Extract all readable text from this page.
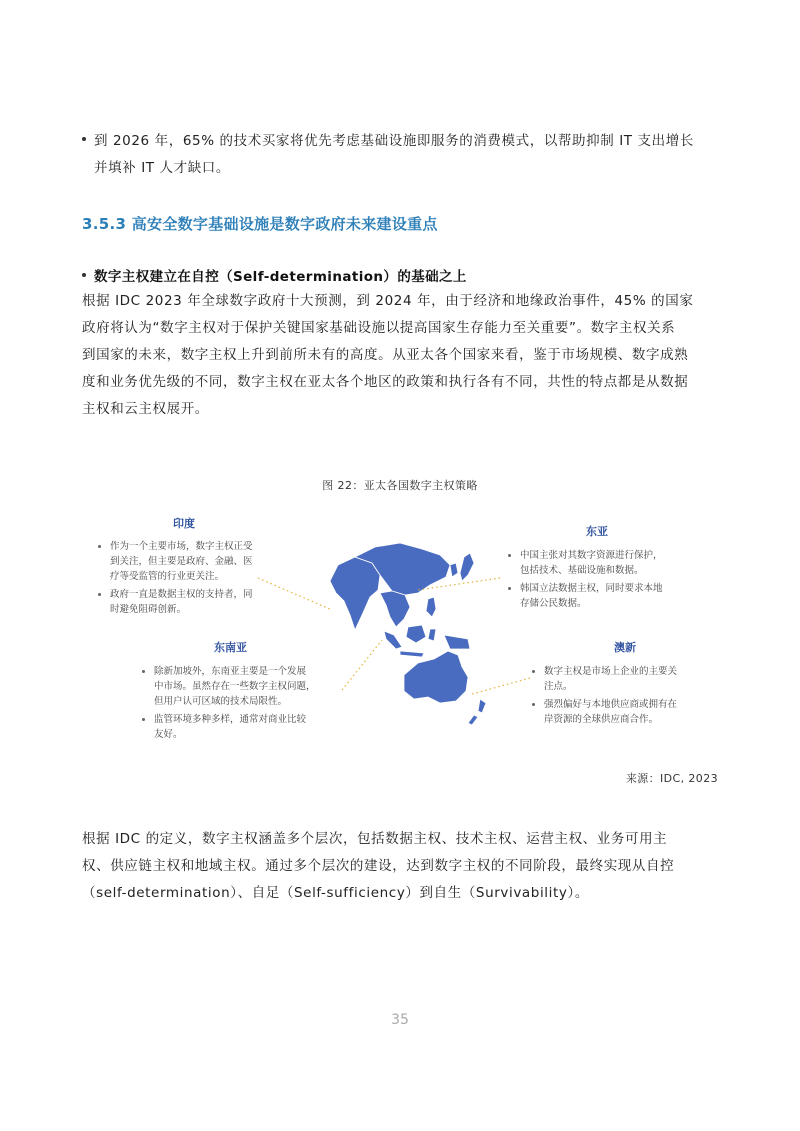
到 2026 年，65% 的技术买家将优先考虑基础设施即服务的消费模式，以帮助抑制 IT 支出增长
并填补 IT 人才缺口。
3.5.3 高安全数字基础设施是数字政府未来建设重点
数字主权建立在自控（Self-determination）的基础之上
根据 IDC 2023 年全球数字政府十大预测，到 2024 年，由于经济和地缘政治事件，45% 的国家
政府将认为“数字主权对于保护关键国家基础设施以提高国家生存能力至关重要”。数字主权关系
到国家的未来，数字主权上升到前所未有的高度。从亚太各个国家来看，鉴于市场规模、数字成熟
度和业务优先级的不同，数字主权在亚太各个地区的政策和执行各有不同，共性的特点都是从数据
主权和云主权展开。
图 22：亚太各国数字主权策略
印度
作为一个主要市场，数字主权正受
到关注，但主要是政府、金融、医
疗等受监管的行业更关注。
政府一直是数据主权的支持者，同
时避免阻碍创新。
东亚
中国主张对其数字资源进行保护，
包括技术、基础设施和数据。
韩国立法数据主权，同时要求本地
存储公民数据。
东南亚
除新加坡外，东南亚主要是一个发展
中市场。虽然存在一些数字主权问题，
但用户认可区域的技术局限性。
监管环境多种多样，通常对商业比较
友好。
澳新
数字主权是市场上企业的主要关
注点。
强烈偏好与本地供应商或拥有在
岸资源的全球供应商合作。
来源：IDC, 2023
根据 IDC 的定义，数字主权涵盖多个层次，包括数据主权、技术主权、运营主权、业务可用主
权、供应链主权和地域主权。通过多个层次的建设，达到数字主权的不同阶段，最终实现从自控
（self-determination）、自足（Self-sufficiency）到自生（Survivability）。
35
